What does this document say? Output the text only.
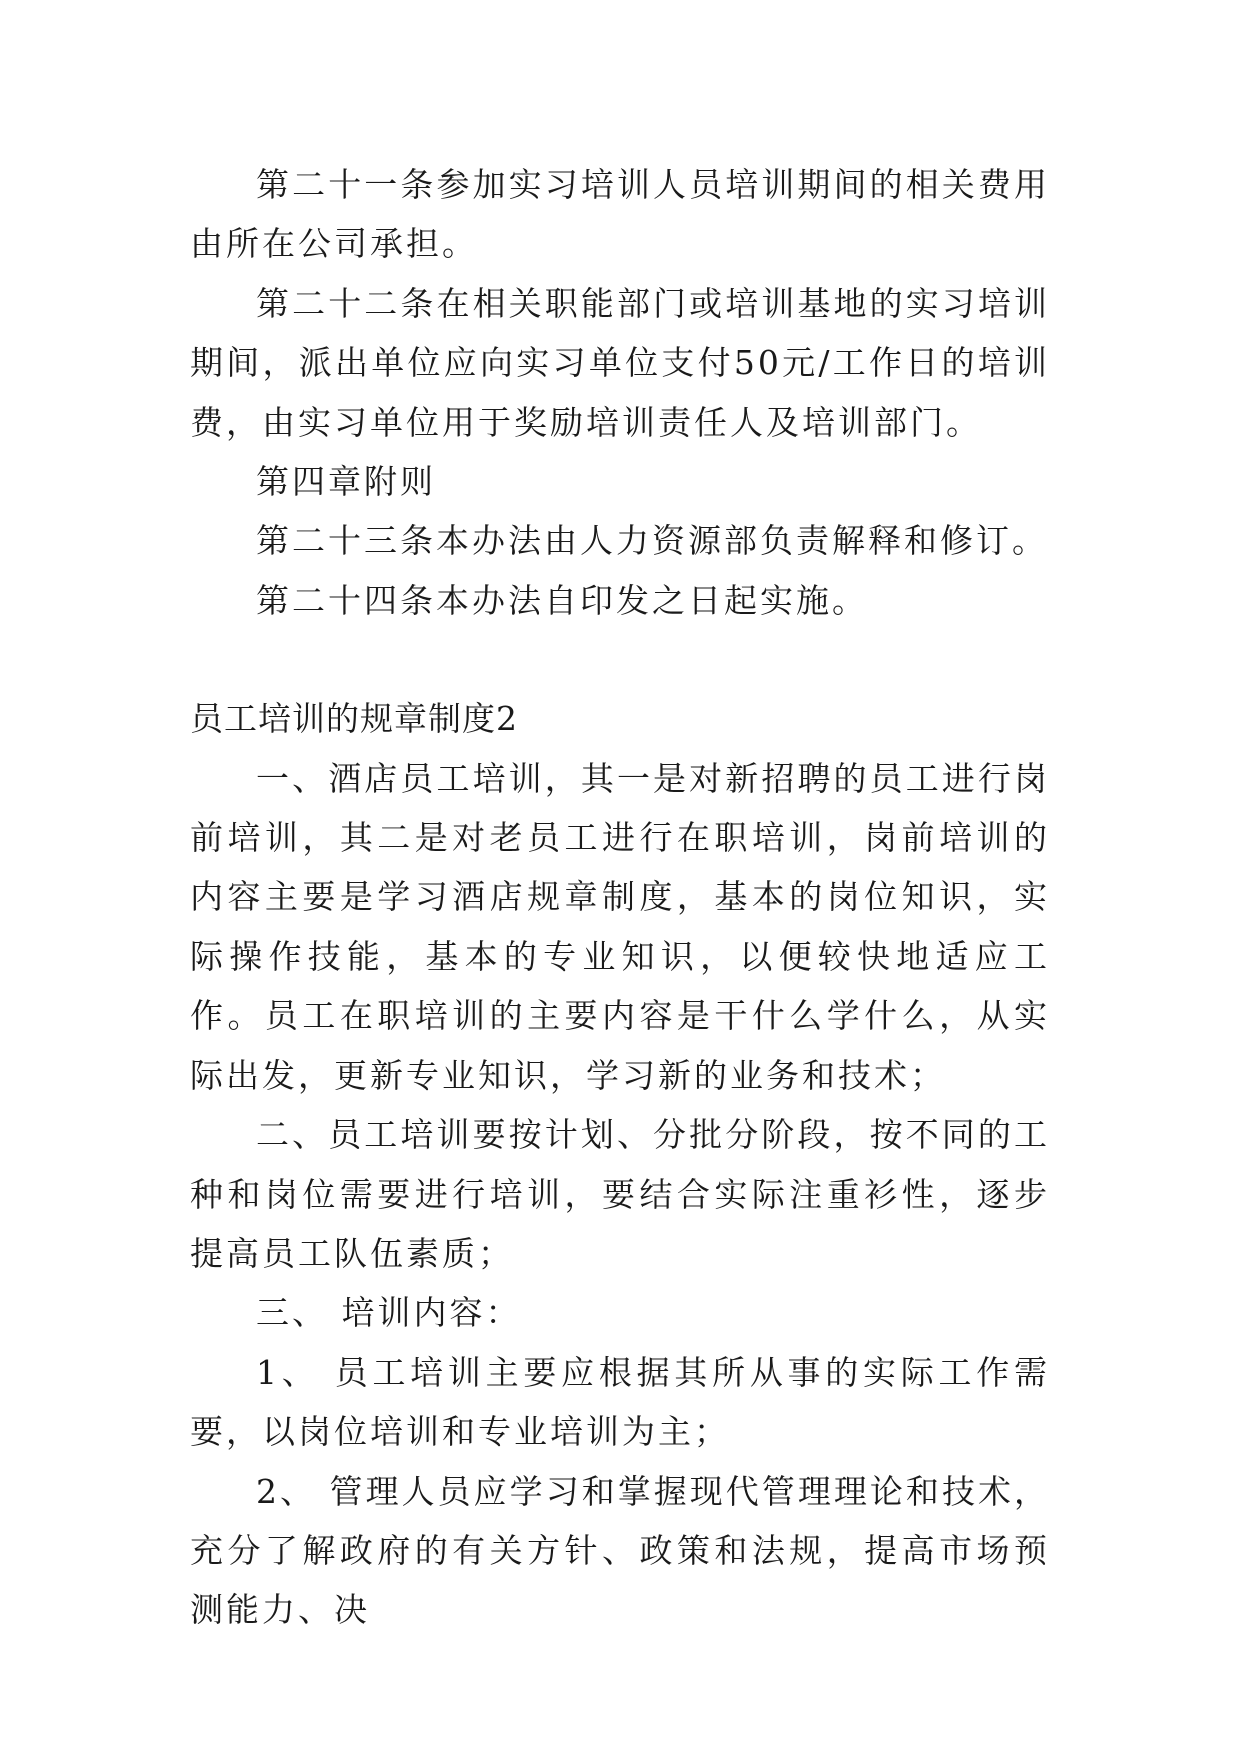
第二十一条参加实习培训人员培训期间的相关费用由所在公司承担。

第二十二条在相关职能部门或培训基地的实习培训期间，派出单位应向实习单位支付50元/工作日的培训费，由实习单位用于奖励培训责任人及培训部门。

第四章附则

第二十三条本办法由人力资源部负责解释和修订。

第二十四条本办法自印发之日起实施。

员工培训的规章制度2

一、酒店员工培训，其一是对新招聘的员工进行岗前培训，其二是对老员工进行在职培训，岗前培训的内容主要是学习酒店规章制度，基本的岗位知识，实际操作技能，基本的专业知识，以便较快地适应工作。员工在职培训的主要内容是干什么学什么，从实际出发，更新专业知识，学习新的业务和技术；

二、员工培训要按计划、分批分阶段，按不同的工种和岗位需要进行培训，要结合实际注重衫性，逐步提高员工队伍素质；

三、 培训内容：

1、 员工培训主要应根据其所从事的实际工作需要，以岗位培训和专业培训为主；

2、 管理人员应学习和掌握现代管理理论和技术，充分了解政府的有关方针、政策和法规，提高市场预测能力、决
